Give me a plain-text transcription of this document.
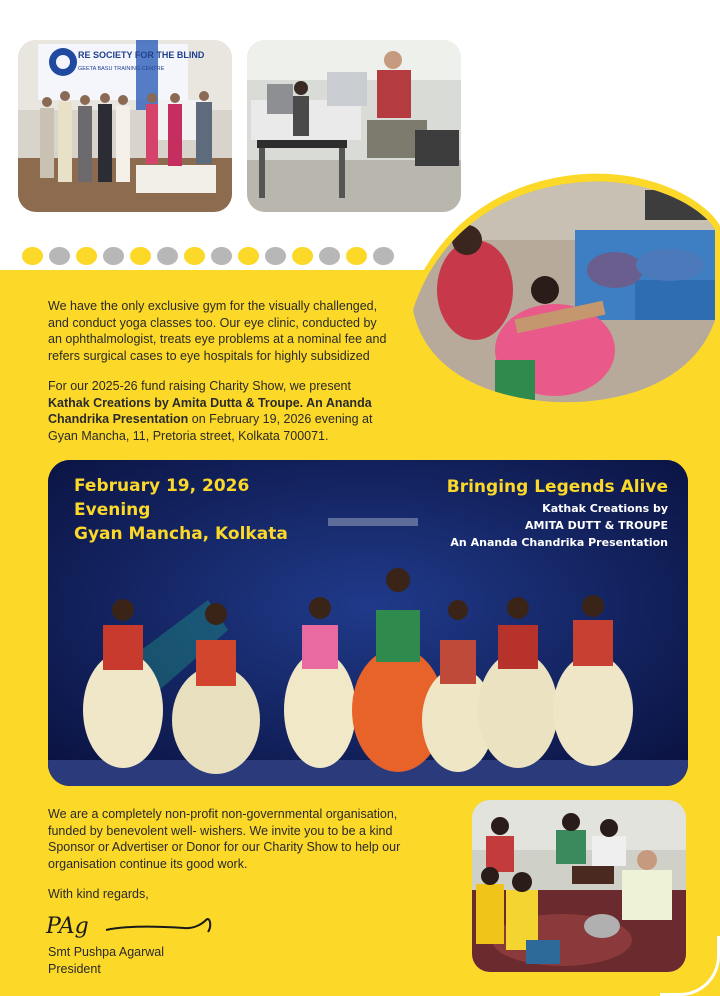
RE SOCIETY FOR THE BLIND
GEETA BASU TRAINING CENTRE
We have the only exclusive gym for the visually challenged, and conduct yoga classes too. Our eye clinic, conducted by an ophthalmologist, treats eye problems at a nominal fee and refers surgical cases to eye hospitals for highly subsidized
For our 2025-26 fund raising Charity Show, we present Kathak Creations by Amita Dutta & Troupe. An Ananda Chandrika Presentation on February 19, 2026 evening at Gyan Mancha, 11, Pretoria street, Kolkata 700071.
February 19, 2026
Evening
Gyan Mancha, Kolkata
Bringing Legends Alive
Kathak Creations by
AMITA DUTT & TROUPE
An Ananda Chandrika Presentation
We are a completely non-profit non-governmental organisation, funded by benevolent well- wishers. We invite you to be a kind Sponsor or Advertiser or Donor for our Charity Show to help our organisation continue its good work.
With kind regards,
PAg
Smt Pushpa Agarwal
President
